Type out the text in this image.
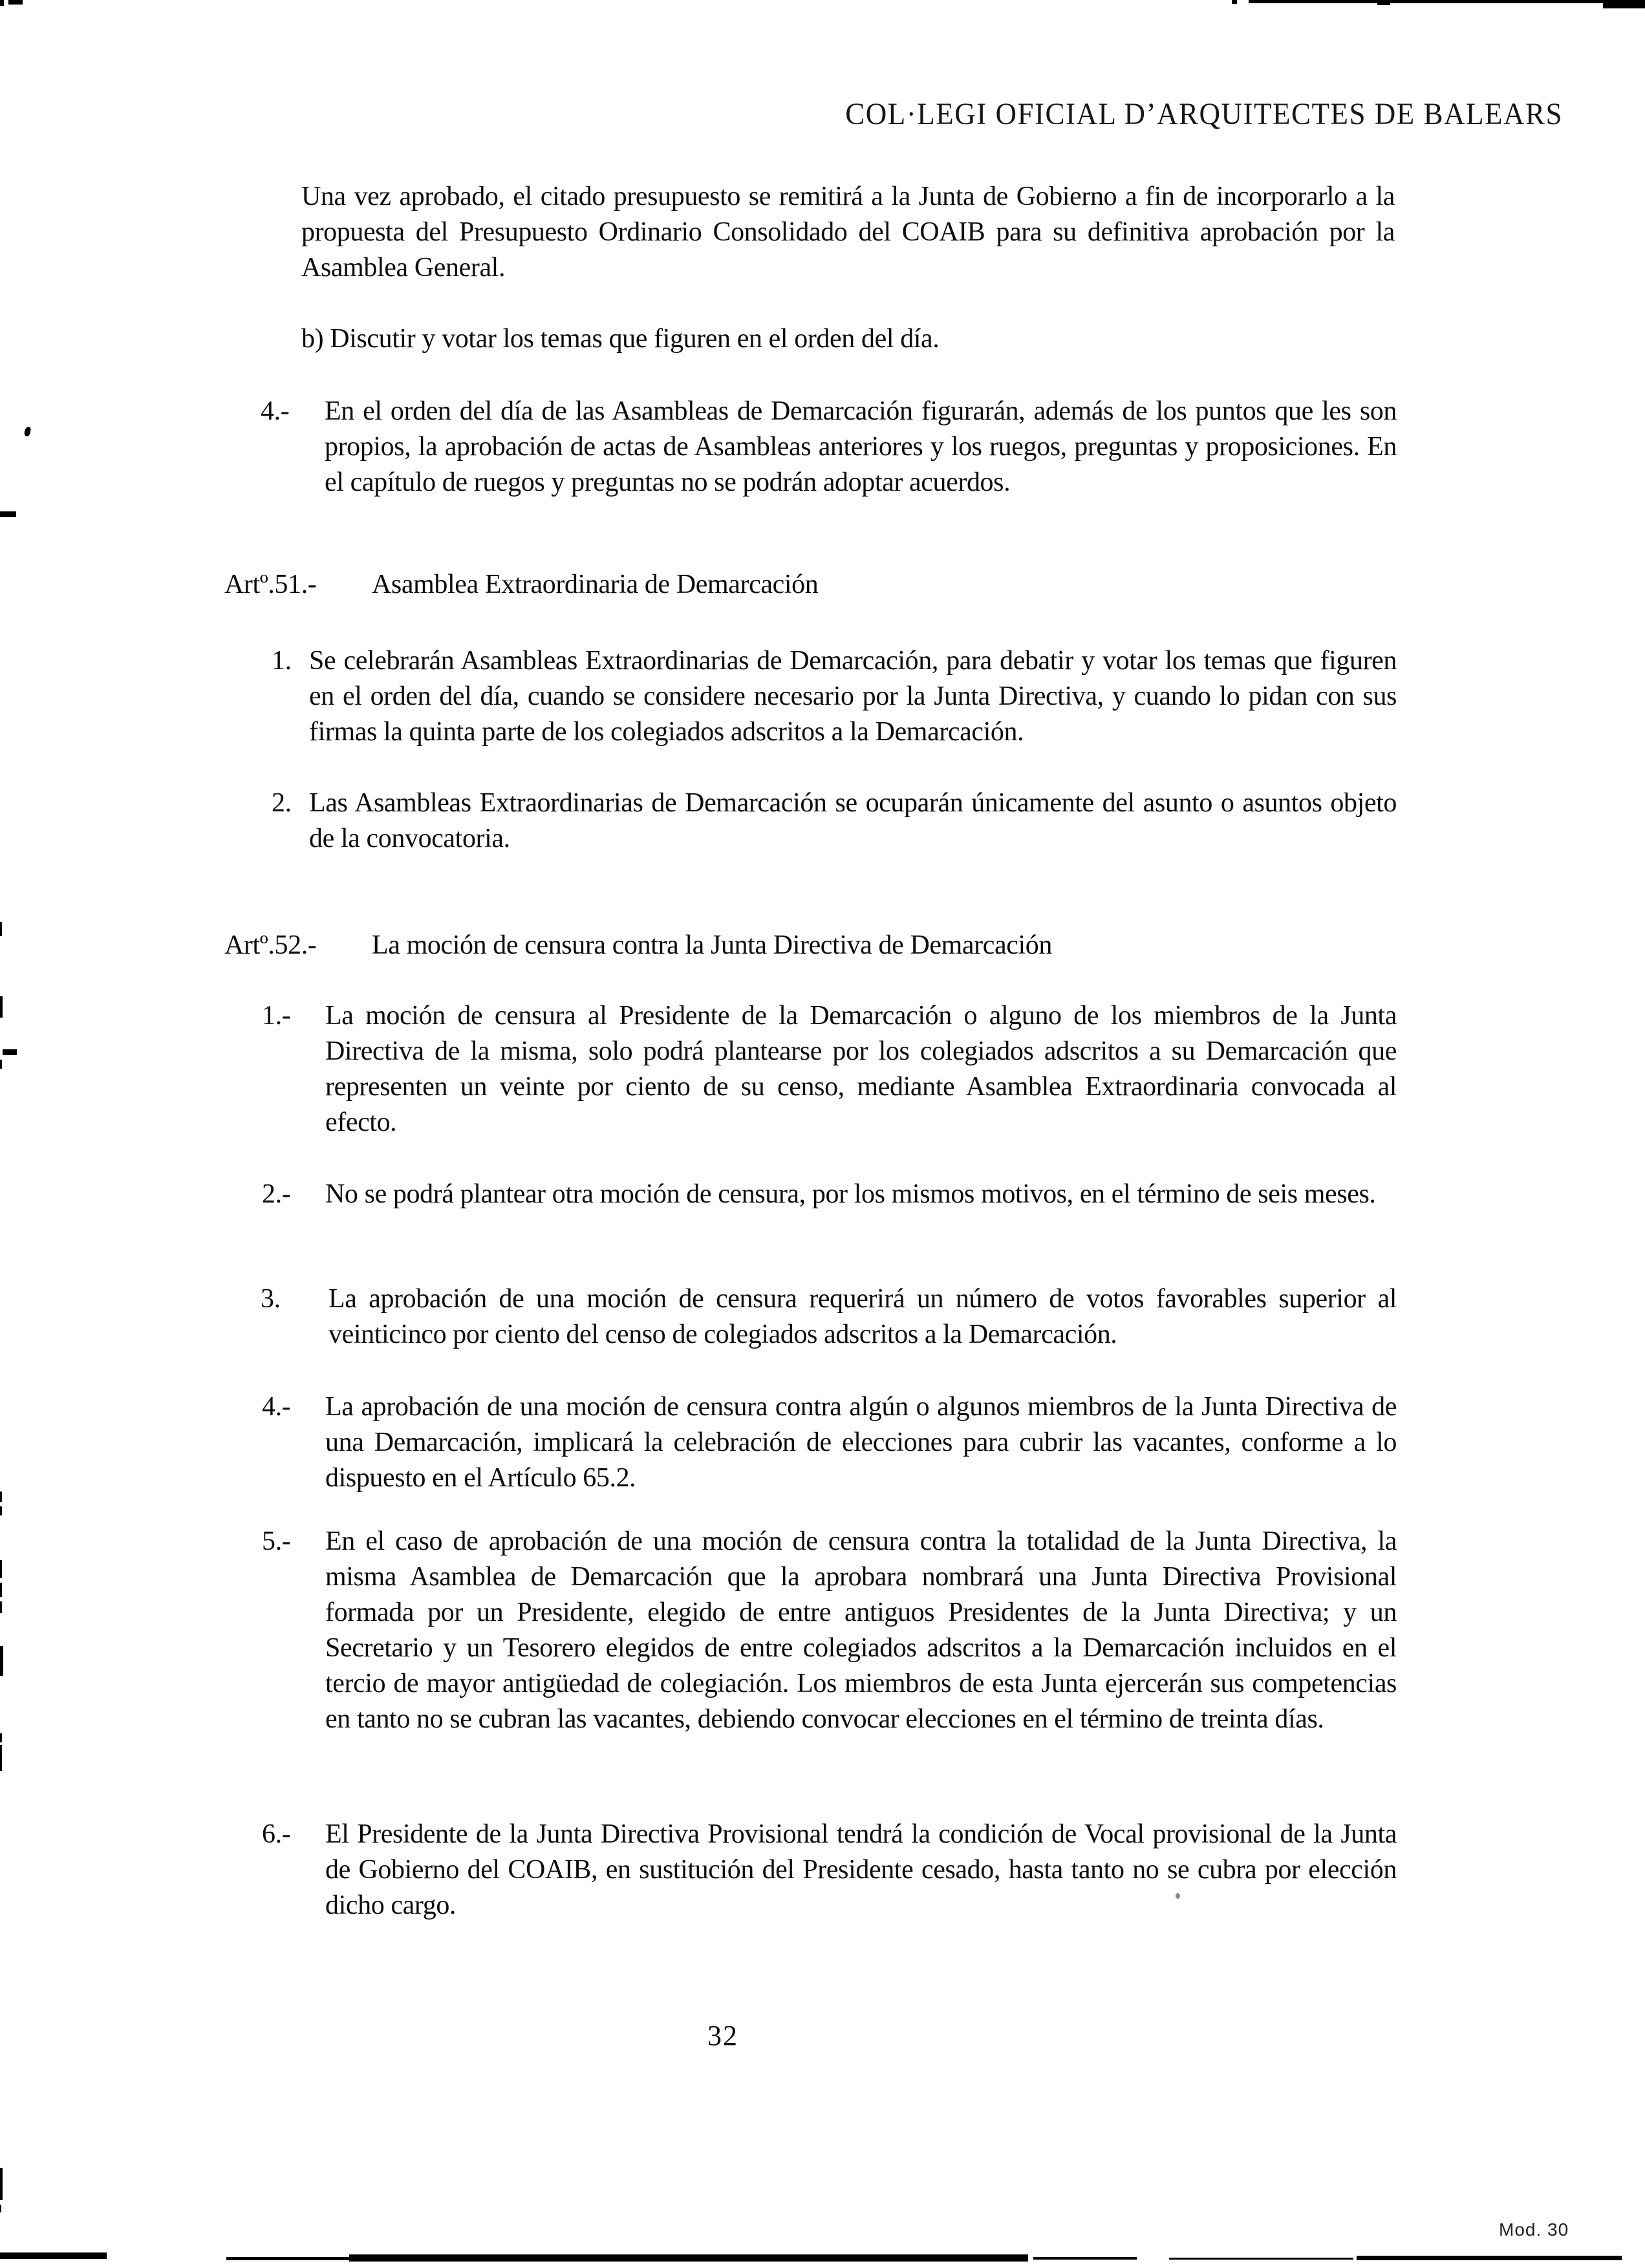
COL·LEGI OFICIAL D’ARQUITECTES DE BALEARS

Una vez aprobado, el citado presupuesto se remitirá a la Junta de Gobierno a fin de incorporarlo a la propuesta del Presupuesto Ordinario Consolidado del COAIB para su definitiva aprobación por la Asamblea General.

b) Discutir y votar los temas que figuren en el orden del día.

4.- En el orden del día de las Asambleas de Demarcación figurarán, además de los puntos que les son propios, la aprobación de actas de Asambleas anteriores y los ruegos, preguntas y proposiciones. En el capítulo de ruegos y preguntas no se podrán adoptar acuerdos.
Artº.51.- Asamblea Extraordinaria de Demarcación
1. Se celebrarán Asambleas Extraordinarias de Demarcación, para debatir y votar los temas que figuren en el orden del día, cuando se considere necesario por la Junta Directiva, y cuando lo pidan con sus firmas la quinta parte de los colegiados adscritos a la Demarcación.
2. Las Asambleas Extraordinarias de Demarcación se ocuparán únicamente del asunto o asuntos objeto de la convocatoria.
Artº.52.- La moción de censura contra la Junta Directiva de Demarcación
1.- La moción de censura al Presidente de la Demarcación o alguno de los miembros de la Junta Directiva de la misma, solo podrá plantearse por los colegiados adscritos a su Demarcación que representen un veinte por ciento de su censo, mediante Asamblea Extraordinaria convocada al efecto.
2.- No se podrá plantear otra moción de censura, por los mismos motivos, en el término de seis meses.
3. La aprobación de una moción de censura requerirá un número de votos favorables superior al veinticinco por ciento del censo de colegiados adscritos a la Demarcación.
4.- La aprobación de una moción de censura contra algún o algunos miembros de la Junta Directiva de una Demarcación, implicará la celebración de elecciones para cubrir las vacantes, conforme a lo dispuesto en el Artículo 65.2.
5.- En el caso de aprobación de una moción de censura contra la totalidad de la Junta Directiva, la misma Asamblea de Demarcación que la aprobara nombrará una Junta Directiva Provisional formada por un Presidente, elegido de entre antiguos Presidentes de la Junta Directiva; y un Secretario y un Tesorero elegidos de entre colegiados adscritos a la Demarcación incluidos en el tercio de mayor antigüedad de colegiación. Los miembros de esta Junta ejercerán sus competencias en tanto no se cubran las vacantes, debiendo convocar elecciones en el término de treinta días.
6.- El Presidente de la Junta Directiva Provisional tendrá la condición de Vocal provisional de la Junta de Gobierno del COAIB, en sustitución del Presidente cesado, hasta tanto no se cubra por elección dicho cargo.
32
Mod. 30
